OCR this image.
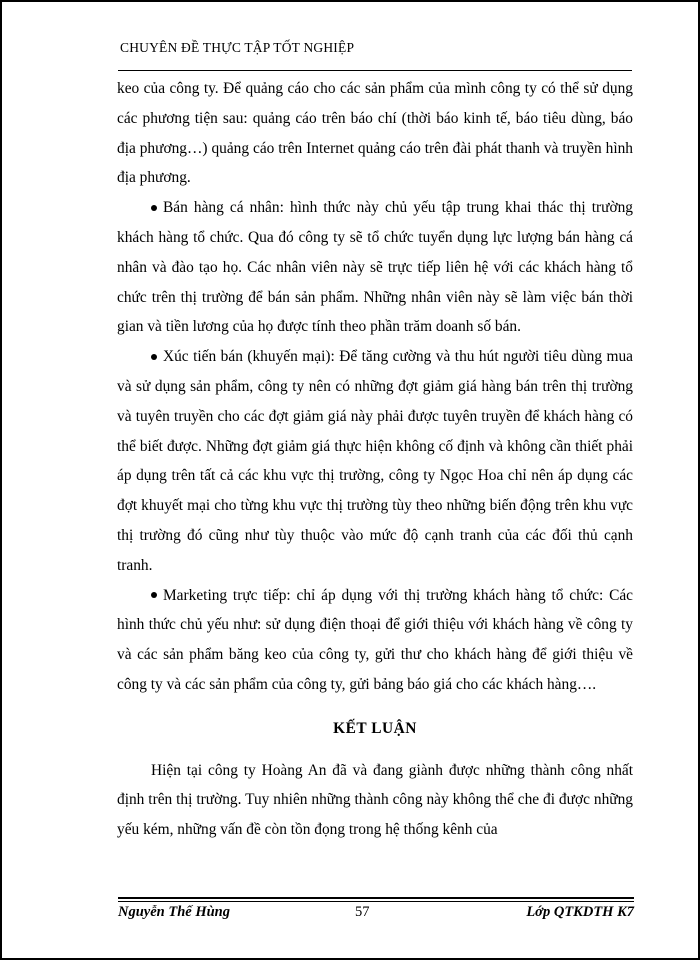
CHUYÊN ĐỀ THỰC TẬP TỐT NGHIỆP

keo của công ty. Để quảng cáo cho các sản phẩm của mình công ty có thể sử dụng các phương tiện sau: quảng cáo trên báo chí (thời báo kinh tế, báo tiêu dùng, báo địa phương…) quảng cáo trên Internet quảng cáo trên đài phát thanh và truyền hình địa phương.

Bán hàng cá nhân: hình thức này chủ yếu tập trung khai thác thị trường khách hàng tổ chức. Qua đó công ty sẽ tổ chức tuyển dụng lực lượng bán hàng cá nhân và đào tạo họ. Các nhân viên này sẽ trực tiếp liên hệ với các khách hàng tổ chức trên thị trường để bán sản phẩm. Những nhân viên này sẽ làm việc bán thời gian và tiền lương của họ được tính theo phần trăm doanh số bán.

Xúc tiến bán (khuyến mại): Để tăng cường và thu hút người tiêu dùng mua và sử dụng sản phẩm, công ty nên có những đợt giảm giá hàng bán trên thị trường và tuyên truyền cho các đợt giảm giá này phải được tuyên truyền để khách hàng có thể biết được. Những đợt giảm giá thực hiện không cố định và không cần thiết phải áp dụng trên tất cả các khu vực thị trường, công ty Ngọc Hoa chỉ nên áp dụng các đợt khuyết mại cho từng khu vực thị trường tùy theo những biến động trên khu vực thị trường đó cũng như tùy thuộc vào mức độ cạnh tranh của các đối thủ cạnh tranh.

Marketing trực tiếp: chỉ áp dụng với thị trường khách hàng tổ chức: Các hình thức chủ yếu như: sử dụng điện thoại để giới thiệu với khách hàng về công ty và các sản phẩm băng keo của công ty, gửi thư cho khách hàng để giới thiệu về công ty và các sản phẩm của công ty, gửi bảng báo giá cho các khách hàng….

KẾT LUẬN

Hiện tại công ty Hoàng An đã và đang giành được những thành công nhất định trên thị trường. Tuy nhiên những thành công này không thể che đi được những yếu kém, những vấn đề còn tồn đọng trong hệ thống kênh của

Nguyễn Thế Hùng	57	Lớp QTKDTH K7
